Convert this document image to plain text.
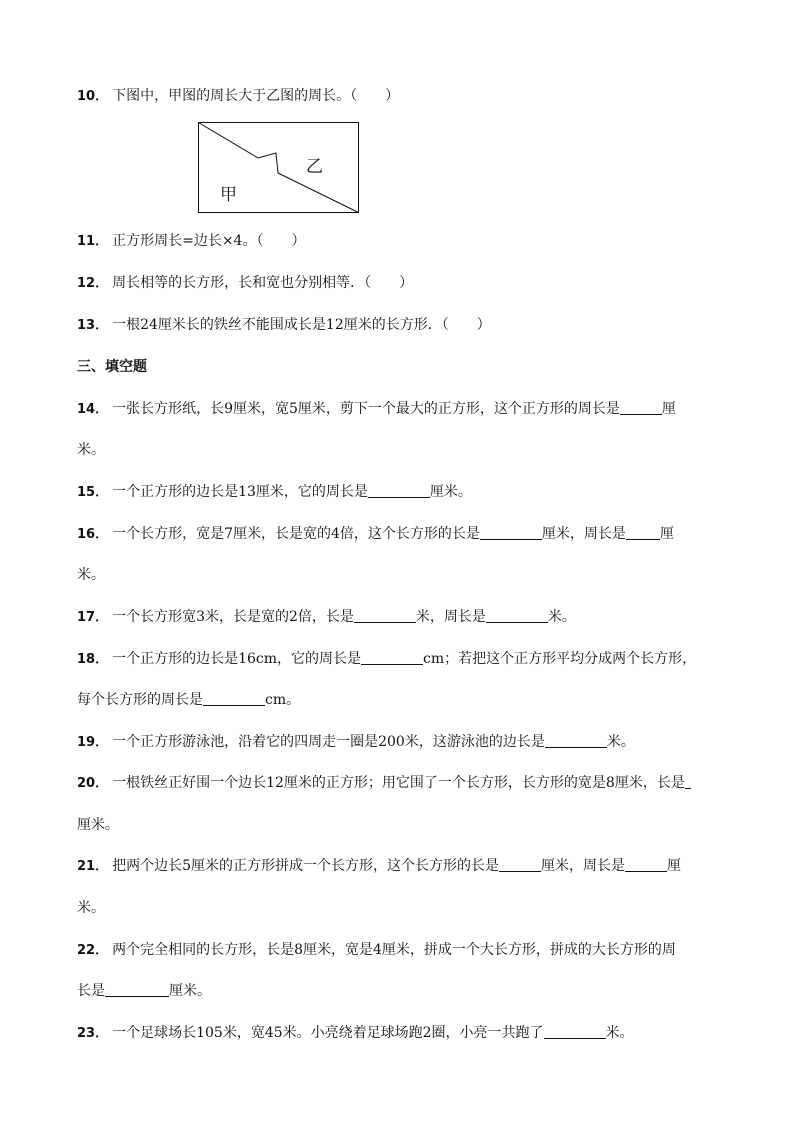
10． 下图中，甲图的周长大于乙图的周长。（　　）
乙
甲
11． 正方形周长=边长×4。（　　）
12． 周长相等的长方形，长和宽也分别相等．（　　）
13． 一根24厘米长的铁丝不能围成长是12厘米的长方形．（　　）
三、填空题
14． 一张长方形纸，长9厘米，宽5厘米，剪下一个最大的正方形，这个正方形的周长是	厘
米。
15． 一个正方形的边长是13厘米，它的周长是	厘米。
16． 一个长方形，宽是7厘米，长是宽的4倍，这个长方形的长是	厘米，周长是 厘
米。
17． 一个长方形宽3米，长是宽的2倍，长是	米，周长是	米。
18． 一个正方形的边长是16cm，它的周长是	cm；若把这个正方形平均分成两个长方形，
每个长方形的周长是	cm。
19． 一个正方形游泳池，沿着它的四周走一圈是200米，这游泳池的边长是	米。
20． 一根铁丝正好围一个边长12厘米的正方形；用它围了一个长方形，长方形的宽是8厘米，长是
厘米。
21． 把两个边长5厘米的正方形拼成一个长方形，这个长方形的长是	厘米，周长是	厘
米。
22． 两个完全相同的长方形，长是8厘米，宽是4厘米，拼成一个大长方形，拼成的大长方形的周
长是	厘米。
23． 一个足球场长105米，宽45米。小亮绕着足球场跑2圈，小亮一共跑了	米。
